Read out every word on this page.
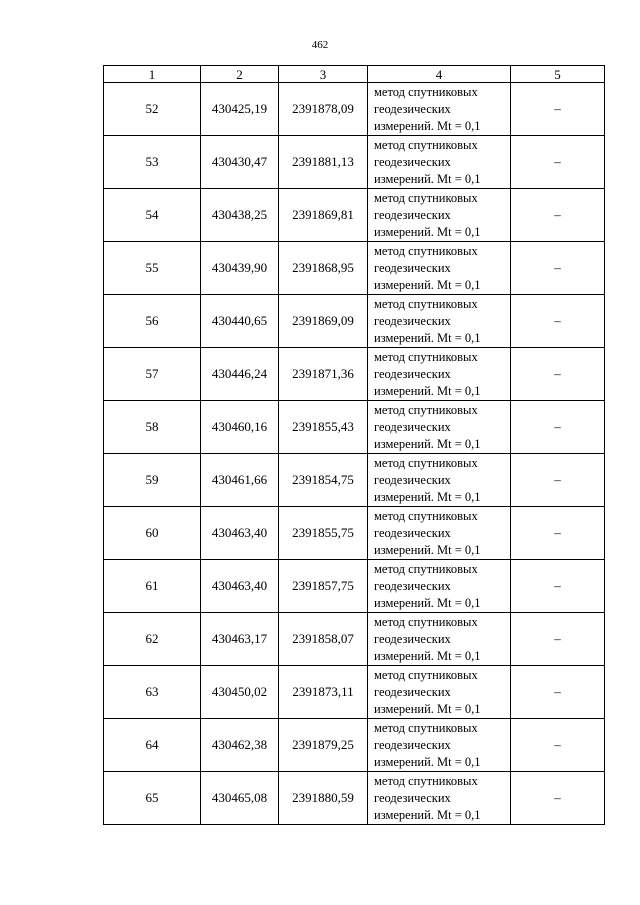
462
1	2	3	4	5
52	430425,19	2391878,09	метод спутниковых
геодезических
измерений. Mt = 0,1	–
53	430430,47	2391881,13	метод спутниковых
геодезических
измерений. Mt = 0,1	–
54	430438,25	2391869,81	метод спутниковых
геодезических
измерений. Mt = 0,1	–
55	430439,90	2391868,95	метод спутниковых
геодезических
измерений. Mt = 0,1	–
56	430440,65	2391869,09	метод спутниковых
геодезических
измерений. Mt = 0,1	–
57	430446,24	2391871,36	метод спутниковых
геодезических
измерений. Mt = 0,1	–
58	430460,16	2391855,43	метод спутниковых
геодезических
измерений. Mt = 0,1	–
59	430461,66	2391854,75	метод спутниковых
геодезических
измерений. Mt = 0,1	–
60	430463,40	2391855,75	метод спутниковых
геодезических
измерений. Mt = 0,1	–
61	430463,40	2391857,75	метод спутниковых
геодезических
измерений. Mt = 0,1	–
62	430463,17	2391858,07	метод спутниковых
геодезических
измерений. Mt = 0,1	–
63	430450,02	2391873,11	метод спутниковых
геодезических
измерений. Mt = 0,1	–
64	430462,38	2391879,25	метод спутниковых
геодезических
измерений. Mt = 0,1	–
65	430465,08	2391880,59	метод спутниковых
геодезических
измерений. Mt = 0,1	–
